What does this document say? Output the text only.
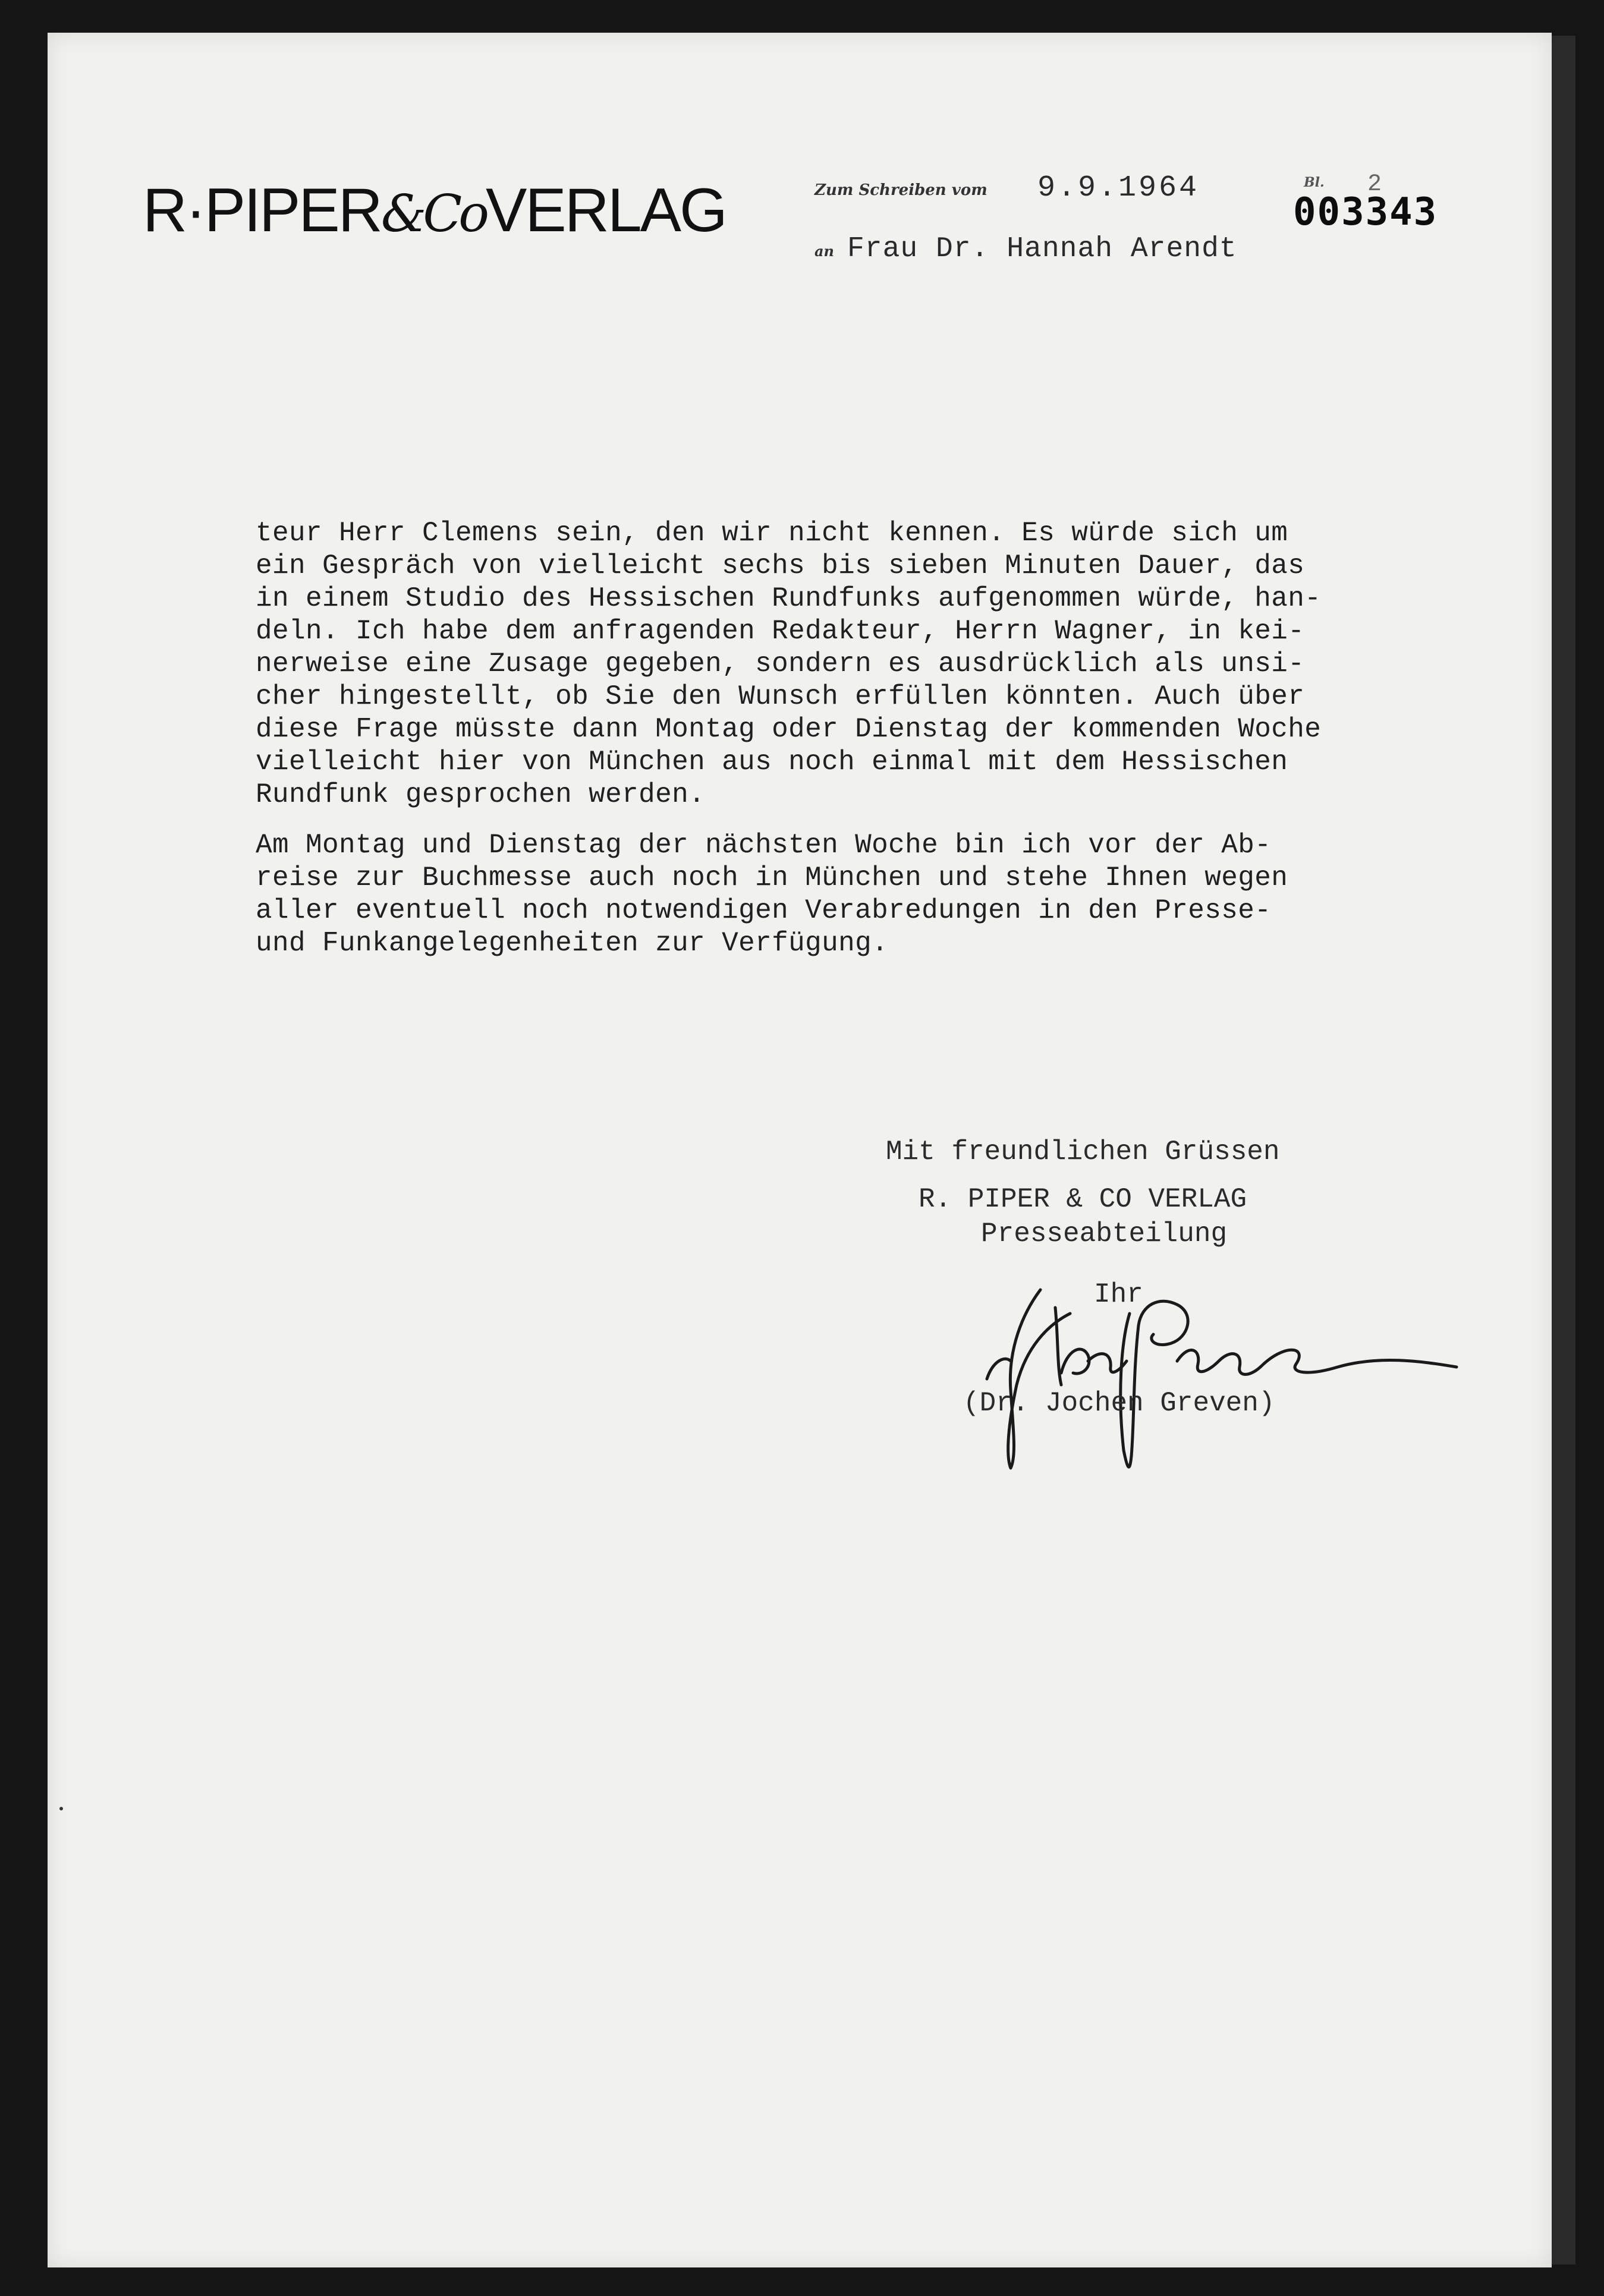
R·PIPER&CoVERLAG	Zum Schreiben vom 9.9.1964	Bl. 2
003343
an Frau Dr. Hannah Arendt
teur Herr Clemens sein, den wir nicht kennen. Es würde sich um
ein Gespräch von vielleicht sechs bis sieben Minuten Dauer, das
in einem Studio des Hessischen Rundfunks aufgenommen würde, han-
deln. Ich habe dem anfragenden Redakteur, Herrn Wagner, in kei-
nerweise eine Zusage gegeben, sondern es ausdrücklich als unsi-
cher hingestellt, ob Sie den Wunsch erfüllen könnten. Auch über
diese Frage müsste dann Montag oder Dienstag der kommenden Woche
vielleicht hier von München aus noch einmal mit dem Hessischen
Rundfunk gesprochen werden.
Am Montag und Dienstag der nächsten Woche bin ich vor der Ab-
reise zur Buchmesse auch noch in München und stehe Ihnen wegen
aller eventuell noch notwendigen Verabredungen in den Presse-
und Funkangelegenheiten zur Verfügung.
Mit freundlichen Grüssen
R. PIPER & CO VERLAG
Presseabteilung
Ihr
(Dr. Jochen Greven)
